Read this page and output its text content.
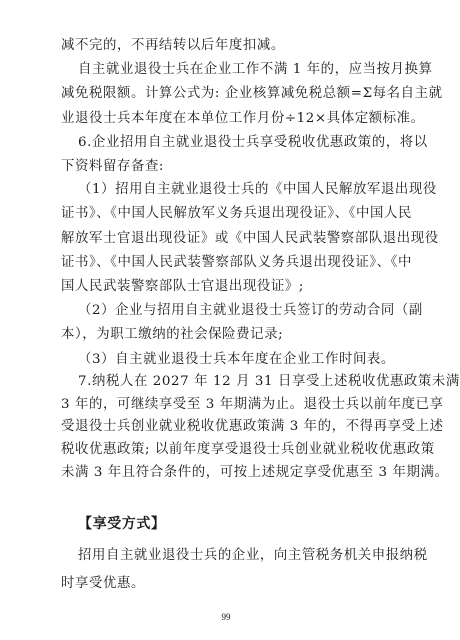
减不完的，不再结转以后年度扣减。
自主就业退役士兵在企业工作不满 1 年的，应当按月换算
减免税限额。计算公式为: 企业核算减免税总额=Σ每名自主就
业退役士兵本年度在本单位工作月份÷12×具体定额标准。
6.企业招用自主就业退役士兵享受税收优惠政策的，将以
下资料留存备查:
（1）招用自主就业退役士兵的《中国人民解放军退出现役
证书》、《中国人民解放军义务兵退出现役证》、《中国人民
解放军士官退出现役证》或《中国人民武装警察部队退出现役
证书》、《中国人民武装警察部队义务兵退出现役证》、《中
国人民武装警察部队士官退出现役证》;
（2）企业与招用自主就业退役士兵签订的劳动合同（副
本），为职工缴纳的社会保险费记录;
（3）自主就业退役士兵本年度在企业工作时间表。
7.纳税人在 2027 年 12 月 31 日享受上述税收优惠政策未满
3 年的，可继续享受至 3 年期满为止。退役士兵以前年度已享
受退役士兵创业就业税收优惠政策满 3 年的，不得再享受上述
税收优惠政策; 以前年度享受退役士兵创业就业税收优惠政策
未满 3 年且符合条件的，可按上述规定享受优惠至 3 年期满。
【享受方式】
招用自主就业退役士兵的企业，向主管税务机关申报纳税
时享受优惠。
99
